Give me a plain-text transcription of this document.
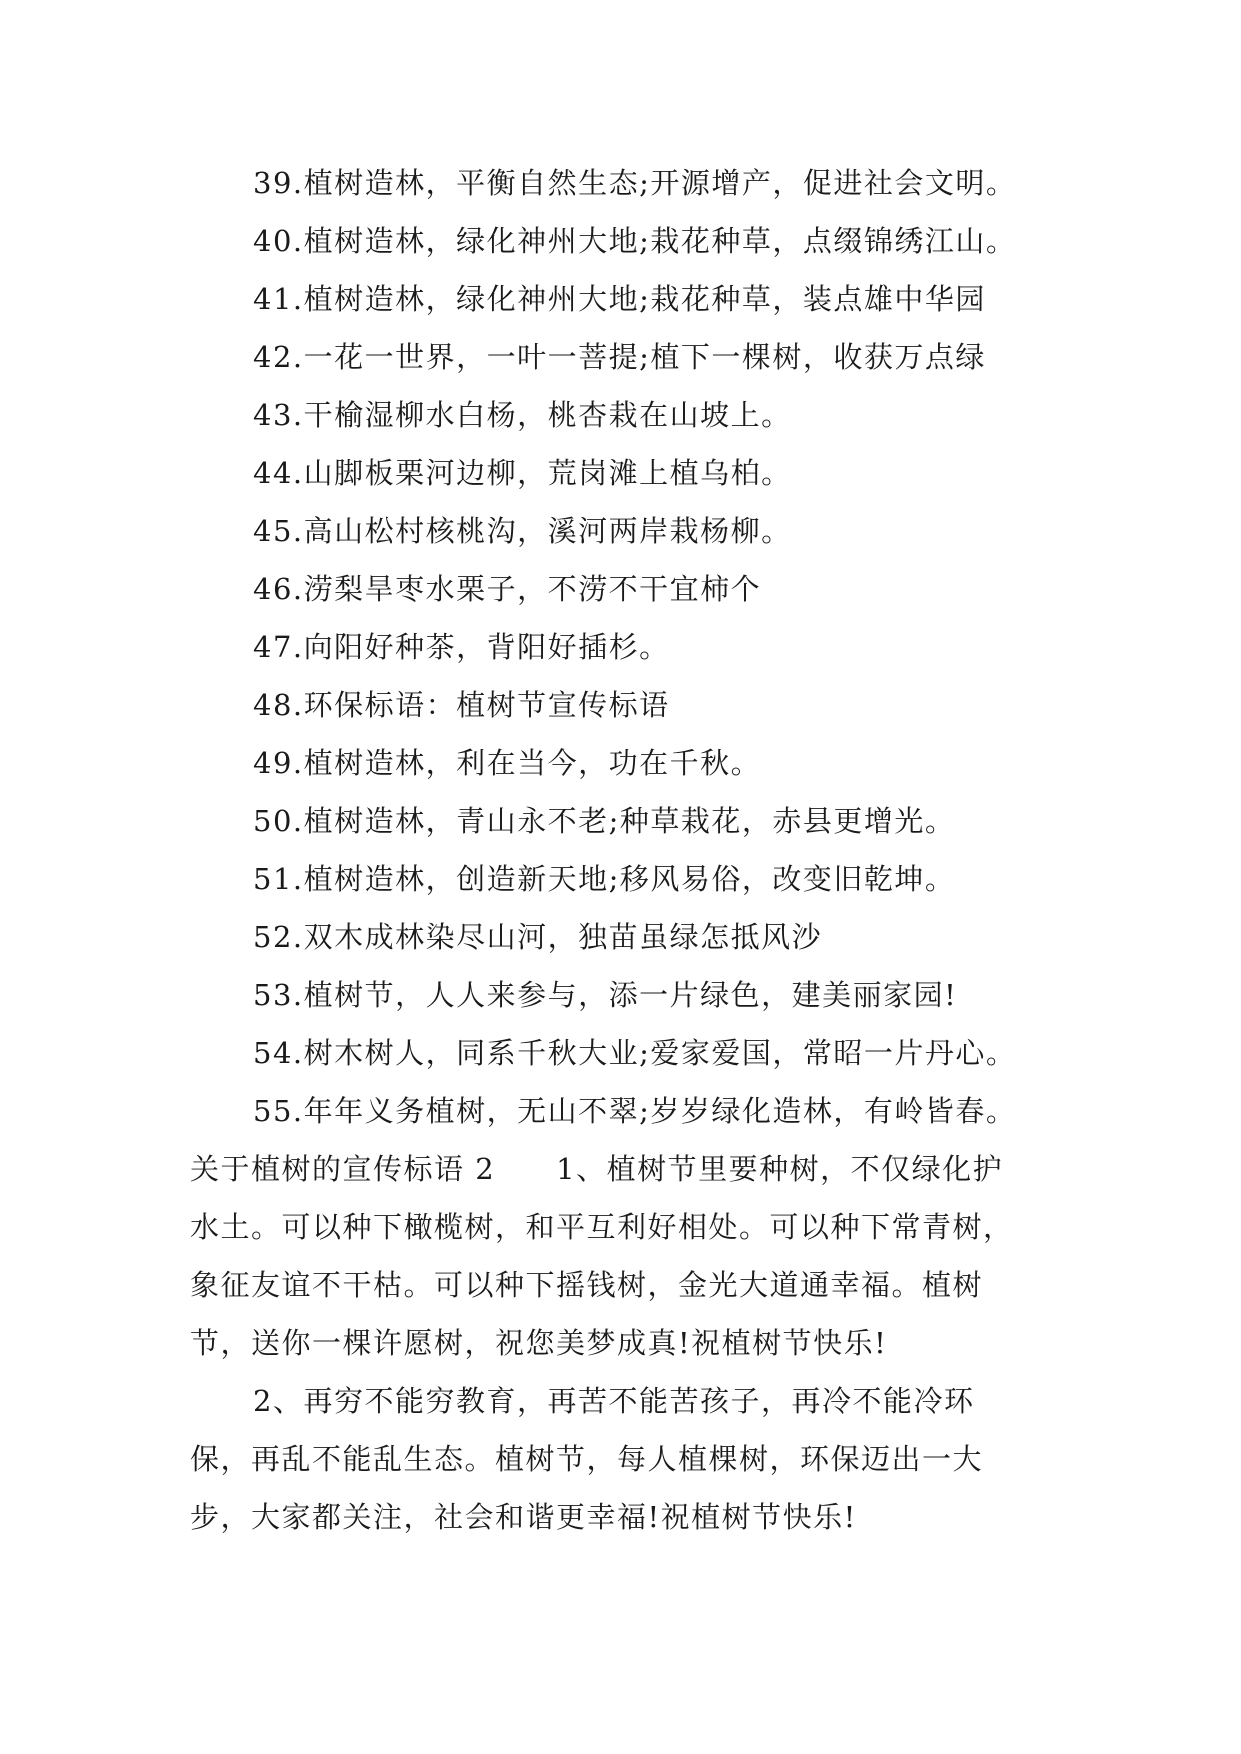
39.植树造林，平衡自然生态;开源增产，促进社会文明。
40.植树造林，绿化神州大地;栽花种草，点缀锦绣江山。
41.植树造林，绿化神州大地;栽花种草，装点雄中华园
42.一花一世界，一叶一菩提;植下一棵树，收获万点绿
43.干榆湿柳水白杨，桃杏栽在山坡上。
44.山脚板栗河边柳，荒岗滩上植乌柏。
45.高山松村核桃沟，溪河两岸栽杨柳。
46.涝梨旱枣水栗子，不涝不干宜柿个
47.向阳好种茶，背阳好插杉。
48.环保标语：植树节宣传标语
49.植树造林，利在当今，功在千秋。
50.植树造林，青山永不老;种草栽花，赤县更增光。
51.植树造林，创造新天地;移风易俗，改变旧乾坤。
52.双木成林染尽山河，独苗虽绿怎抵风沙
53.植树节，人人来参与，添一片绿色，建美丽家园!
54.树木树人，同系千秋大业;爱家爱国，常昭一片丹心。
55.年年义务植树，无山不翠;岁岁绿化造林，有岭皆春。
关于植树的宣传标语 2　　1、植树节里要种树，不仅绿化护
水土。可以种下橄榄树，和平互利好相处。可以种下常青树，
象征友谊不干枯。可以种下摇钱树，金光大道通幸福。植树
节，送你一棵许愿树，祝您美梦成真!祝植树节快乐!
2、再穷不能穷教育，再苦不能苦孩子，再冷不能冷环
保，再乱不能乱生态。植树节，每人植棵树，环保迈出一大
步，大家都关注，社会和谐更幸福!祝植树节快乐!
